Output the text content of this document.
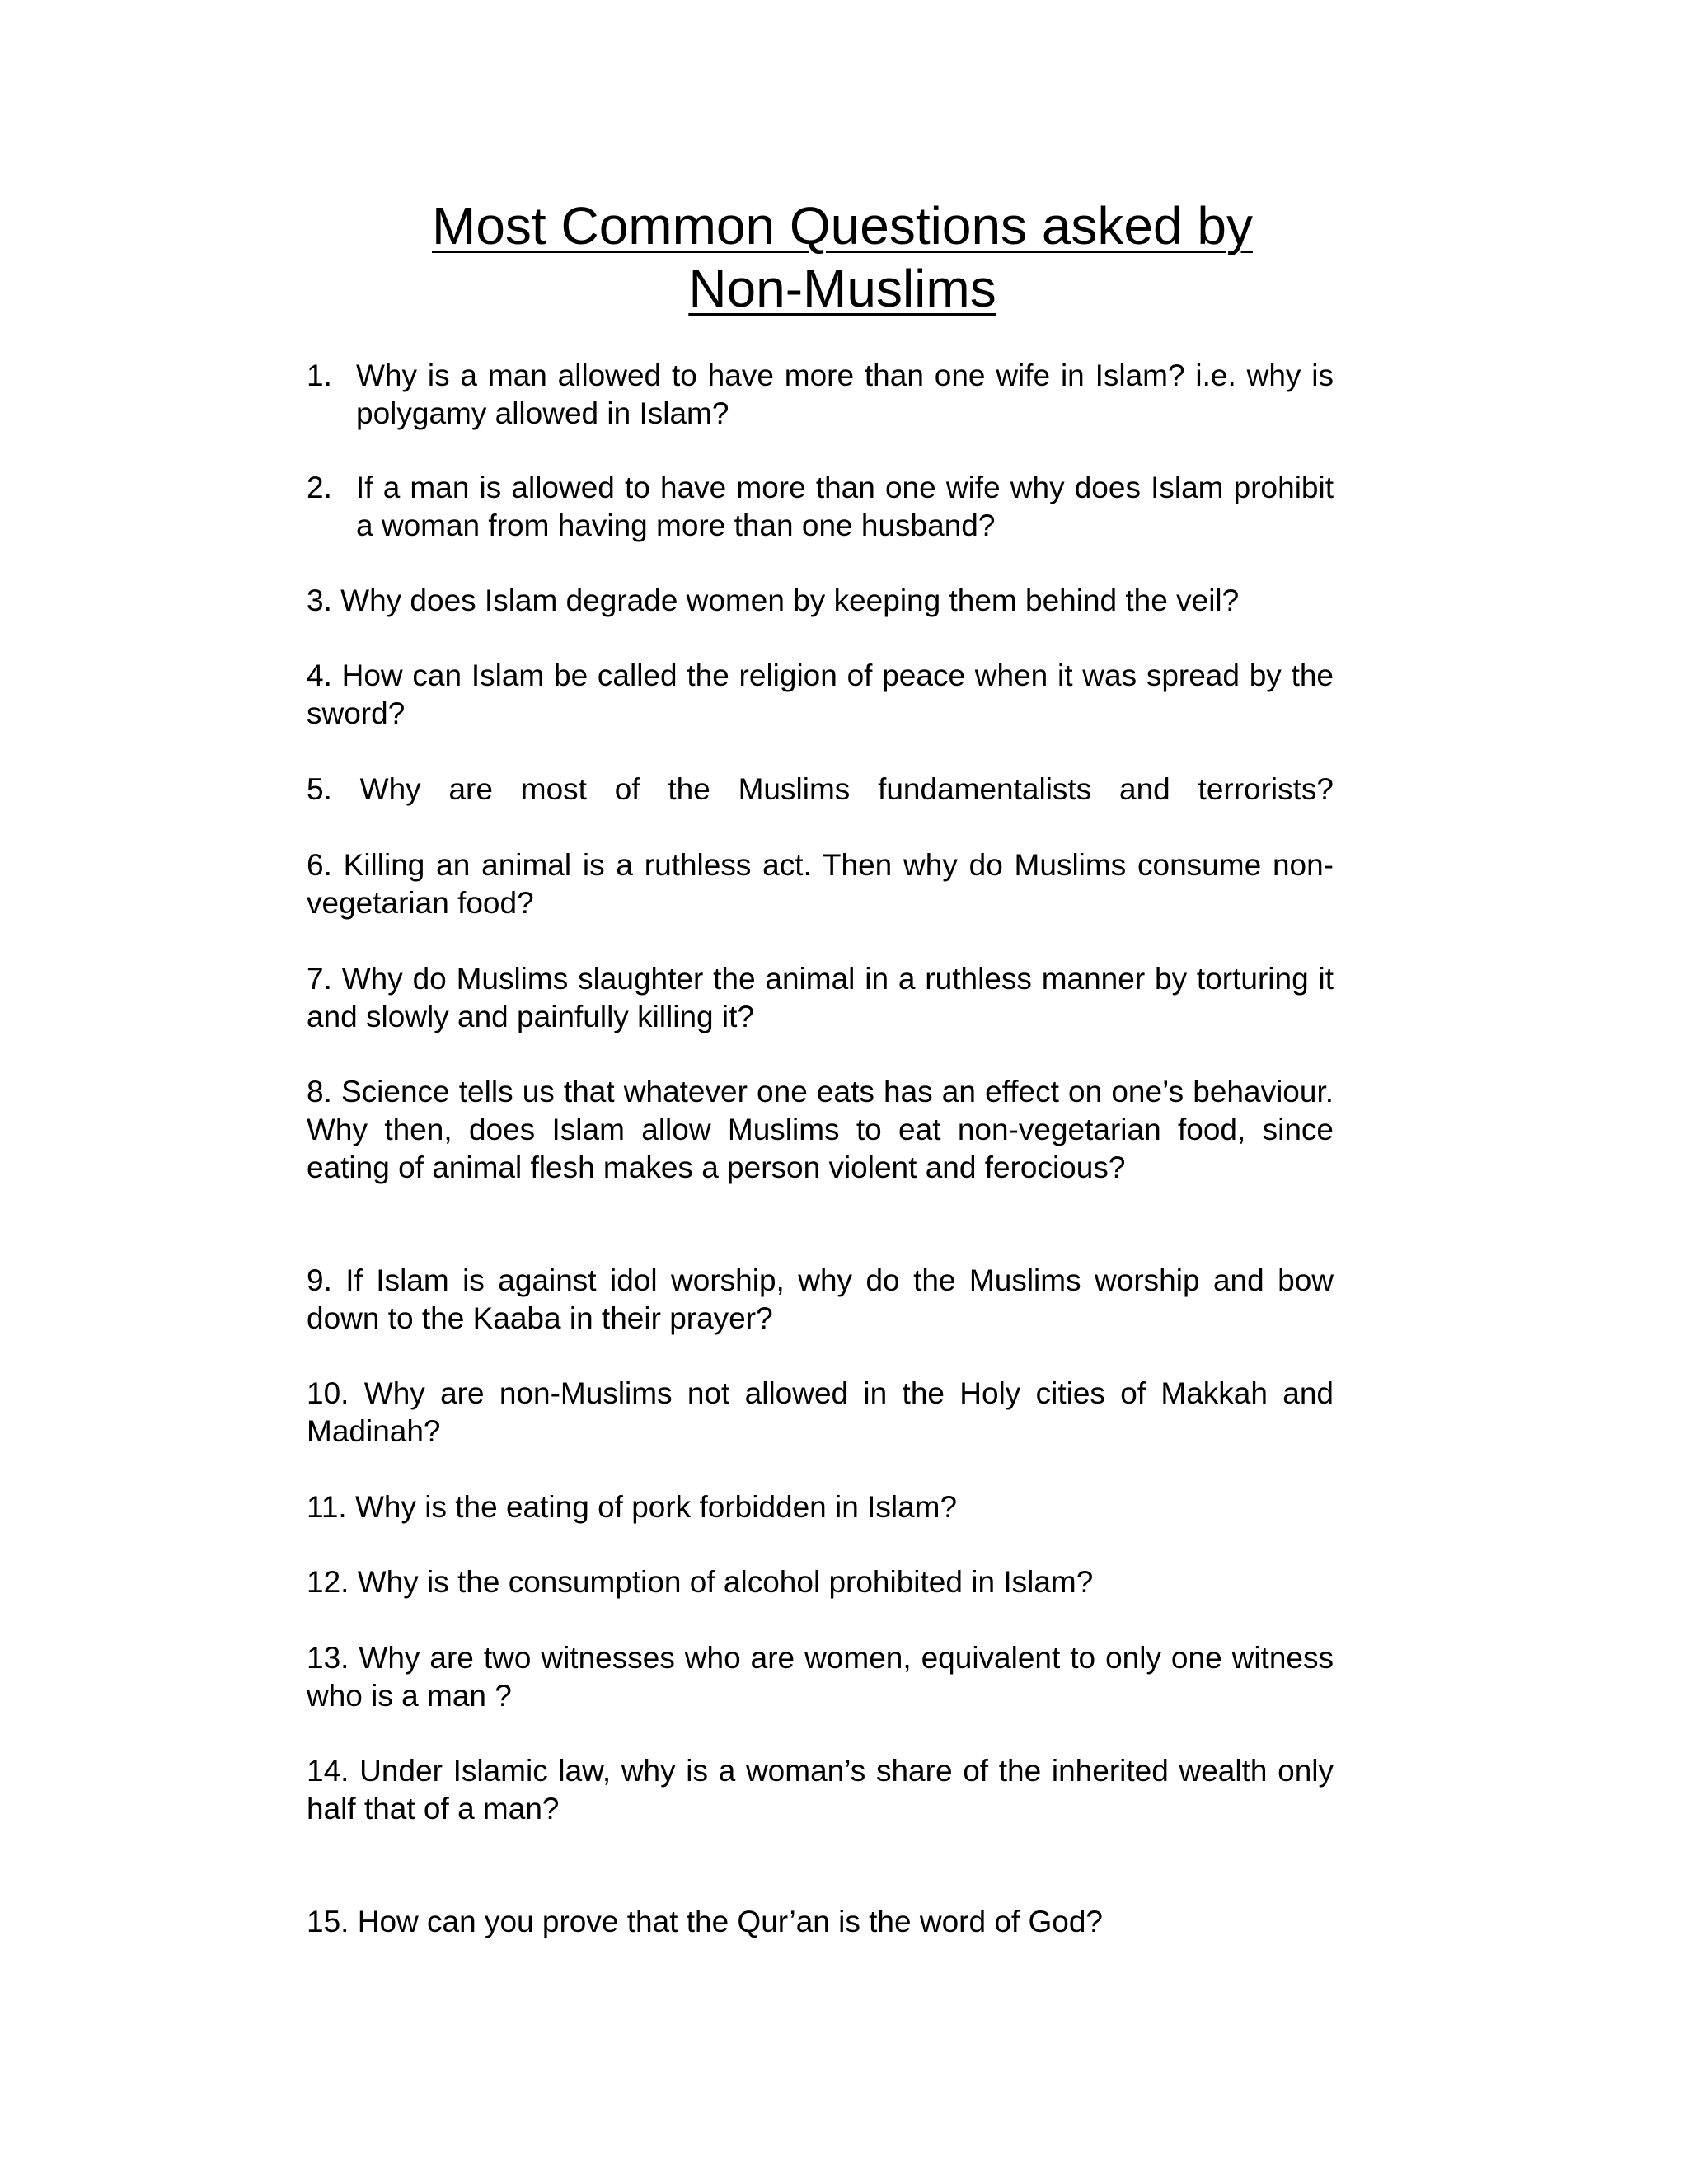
Most Common Questions asked by
Non-Muslims

1. Why is a man allowed to have more than one wife in Islam? i.e. why is polygamy allowed in Islam?

2. If a man is allowed to have more than one wife why does Islam prohibit a woman from having more than one husband?

3. Why does Islam degrade women by keeping them behind the veil?

4. How can Islam be called the religion of peace when it was spread by the sword?

5. Why are most of the Muslims fundamentalists and terrorists?

6. Killing an animal is a ruthless act. Then why do Muslims consume non-vegetarian food?

7. Why do Muslims slaughter the animal in a ruthless manner by torturing it and slowly and painfully killing it?

8. Science tells us that whatever one eats has an effect on one’s behaviour. Why then, does Islam allow Muslims to eat non-vegetarian food, since eating of animal flesh makes a person violent and ferocious?

9. If Islam is against idol worship, why do the Muslims worship and bow down to the Kaaba in their prayer?

10. Why are non-Muslims not allowed in the Holy cities of Makkah and Madinah?

11. Why is the eating of pork forbidden in Islam?

12. Why is the consumption of alcohol prohibited in Islam?

13. Why are two witnesses who are women, equivalent to only one witness who is a man ?

14. Under Islamic law, why is a woman’s share of the inherited wealth only half that of a man?

15. How can you prove that the Qur’an is the word of God?
